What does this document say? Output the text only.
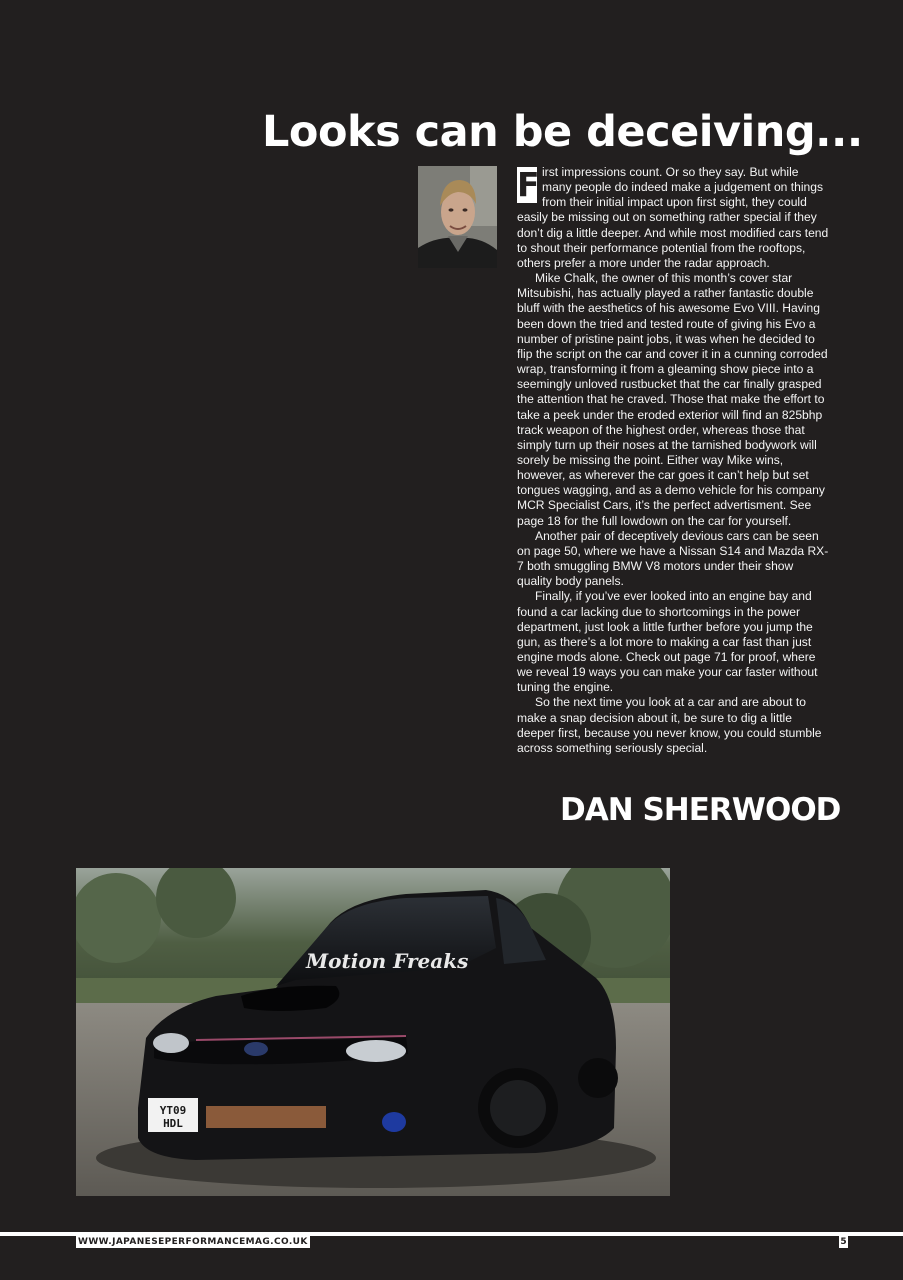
Looks can be deceiving...

F irst impressions count. Or so they say. But while many people do indeed make a judgement on things from their initial impact upon first sight, they could easily be missing out on something rather special if they don’t dig a little deeper. And while most modified cars tend to shout their performance potential from the rooftops, others prefer a more under the radar approach.

Mike Chalk, the owner of this month’s cover star Mitsubishi, has actually played a rather fantastic double bluff with the aesthetics of his awesome Evo VIII. Having been down the tried and tested route of giving his Evo a number of pristine paint jobs, it was when he decided to flip the script on the car and cover it in a cunning corroded wrap, transforming it from a gleaming show piece into a seemingly unloved rustbucket that the car finally grasped the attention that he craved. Those that make the effort to take a peek under the eroded exterior will find an 825bhp track weapon of the highest order, whereas those that simply turn up their noses at the tarnished bodywork will sorely be missing the point. Either way Mike wins, however, as wherever the car goes it can’t help but set tongues wagging, and as a demo vehicle for his company MCR Specialist Cars, it’s the perfect advertisment. See page 18 for the full lowdown on the car for yourself.

Another pair of deceptively devious cars can be seen on page 50, where we have a Nissan S14 and Mazda RX-7 both smuggling BMW V8 motors under their show quality body panels.

Finally, if you’ve ever looked into an engine bay and found a car lacking due to shortcomings in the power department, just look a little further before you jump the gun, as there’s a lot more to making a car fast than just engine mods alone. Check out page 71 for proof, where we reveal 19 ways you can make your car faster without tuning the engine.

So the next time you look at a car and are about to make a snap decision about it, be sure to dig a little deeper first, because you never know, you could stumble across something seriously special.

DAN SHERWOOD
Motion Freaks
YT09
HDL
WWW.JAPANESEPERFORMANCEMAG.CO.UK	5
